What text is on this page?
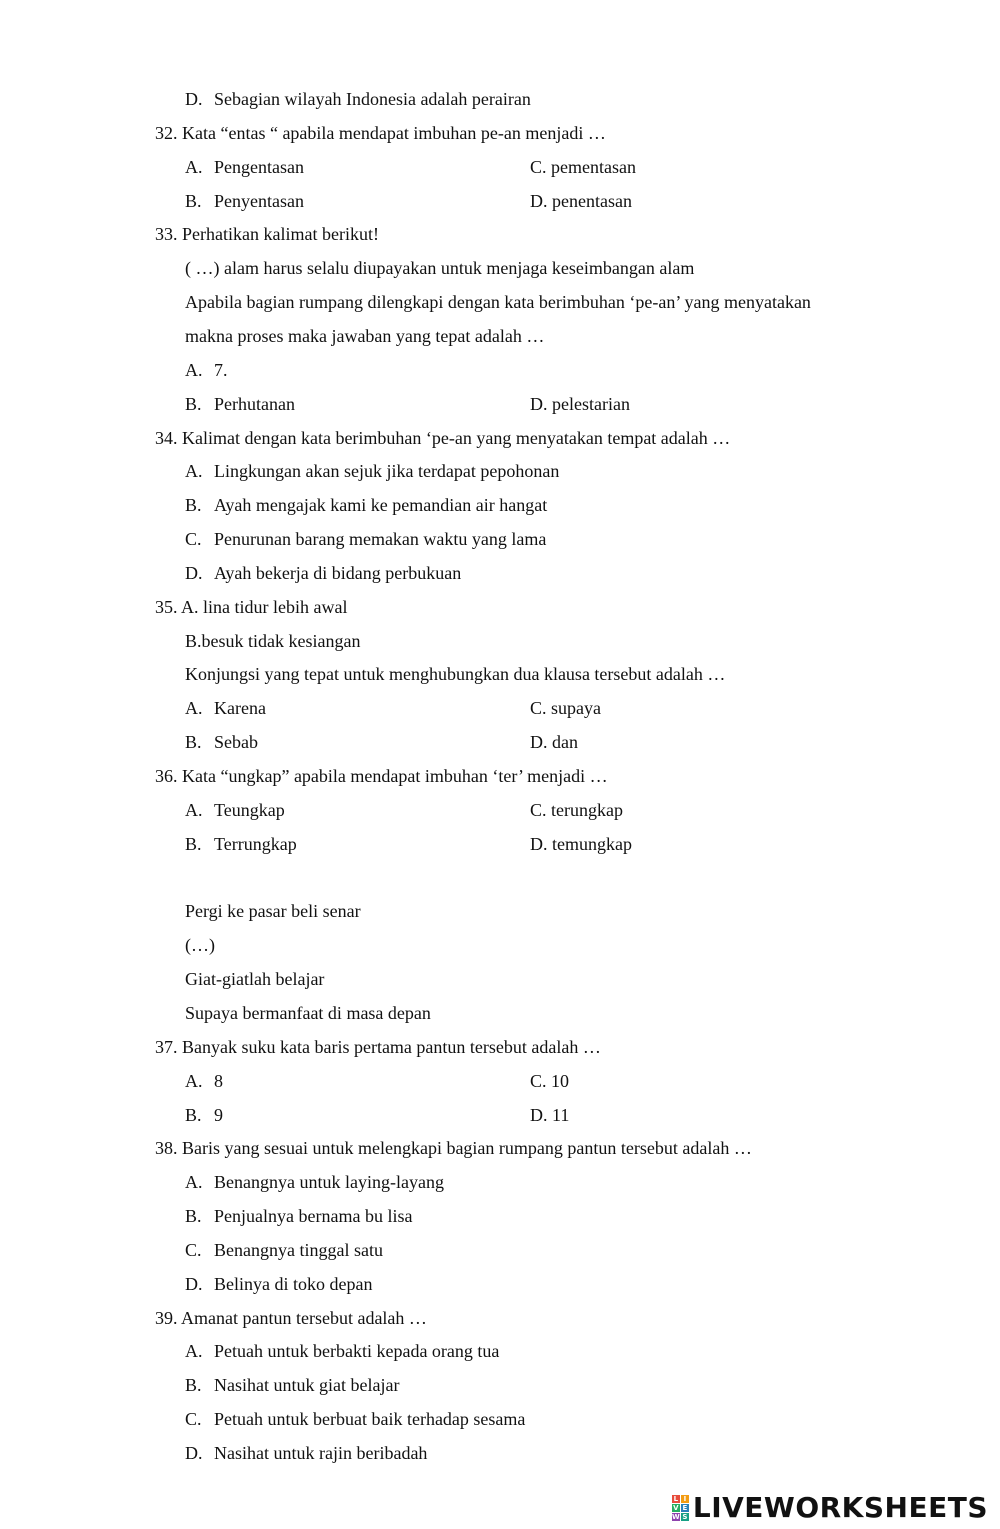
D. Sebagian wilayah Indonesia adalah perairan
32. Kata “entas “ apabila mendapat imbuhan pe-an menjadi …
A. Pengentasan	C. pementasan
B. Penyentasan	D. penentasan
33. Perhatikan kalimat berikut!
( …) alam harus selalu diupayakan untuk menjaga keseimbangan alam
Apabila bagian rumpang dilengkapi dengan kata berimbuhan ‘pe-an’ yang menyatakan
makna proses maka jawaban yang tepat adalah …
A. 7.
B. Perhutanan	D. pelestarian
34. Kalimat dengan kata berimbuhan ‘pe-an yang menyatakan tempat adalah …
A. Lingkungan akan sejuk jika terdapat pepohonan
B. Ayah mengajak kami ke pemandian air hangat
C. Penurunan barang memakan waktu yang lama
D. Ayah bekerja di bidang perbukuan
35. A. lina tidur lebih awal
B.besuk tidak kesiangan
Konjungsi yang tepat untuk menghubungkan dua klausa tersebut adalah …
A. Karena	C. supaya
B. Sebab	D. dan
36. Kata “ungkap” apabila mendapat imbuhan ‘ter’ menjadi …
A. Teungkap	C. terungkap
B. Terrungkap	D. temungkap
Pergi ke pasar beli senar
(…)
Giat-giatlah belajar
Supaya bermanfaat di masa depan
37. Banyak suku kata baris pertama pantun tersebut adalah …
A. 8	C. 10
B. 9	D. 11
38. Baris yang sesuai untuk melengkapi bagian rumpang pantun tersebut adalah …
A. Benangnya untuk laying-layang
B. Penjualnya bernama bu lisa
C. Benangnya tinggal satu
D. Belinya di toko depan
39. Amanat pantun tersebut adalah …
A. Petuah untuk berbakti kepada orang tua
B. Nasihat untuk giat belajar
C. Petuah untuk berbuat baik terhadap sesama
D. Nasihat untuk rajin beribadah
L I
V E
W S LIVEWORKSHEETS
